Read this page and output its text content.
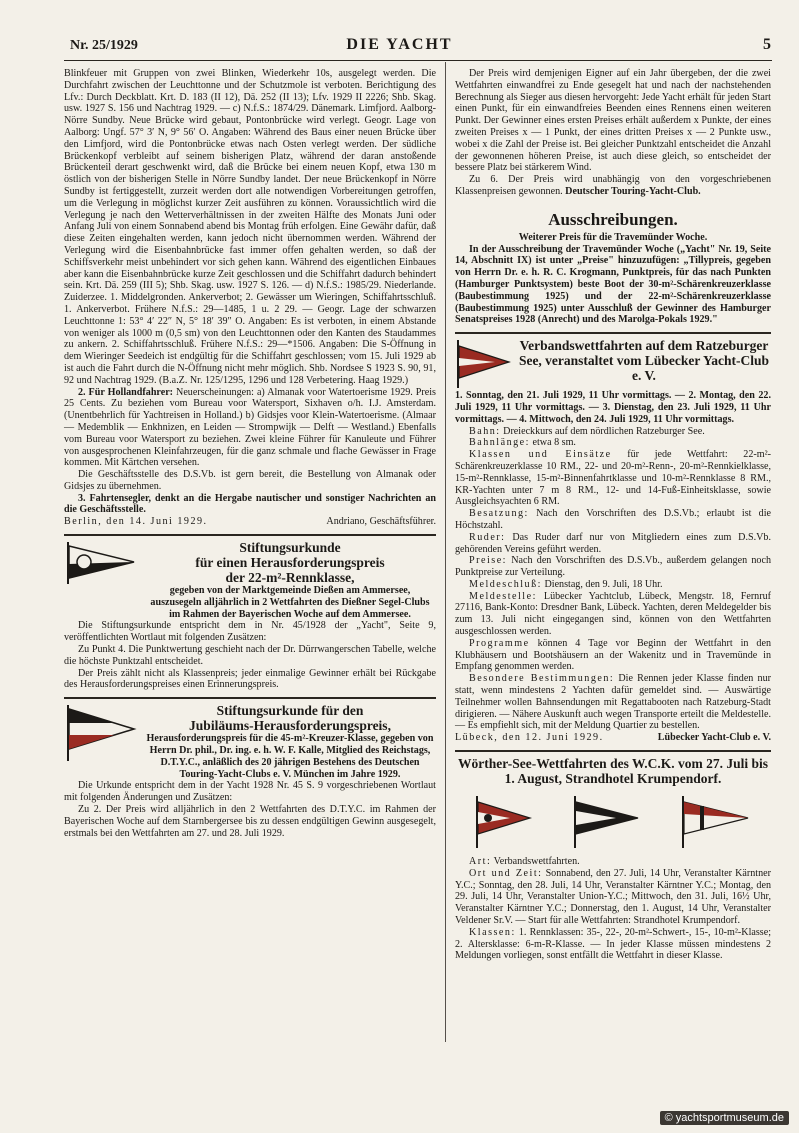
Nr. 25/1929	DIE YACHT	5

Blinkfeuer mit Gruppen von zwei Blinken, Wiederkehr 10s, ausgelegt werden. Die Durchfahrt zwischen der Leuchttonne und der Schutzmole ist verboten. Berichtigung des Lfv.: Durch Deckblatt. Krt. D. 183 (II 12), Dä. 252 (II 13); Lfv. 1929 II 2226; Shb. Skag. usw. 1927 S. 156 und Nachtrag 1929. — c) N.f.S.: 1874/29. Dänemark. Limfjord. Aalborg-Nörre Sundby. Neue Brücke wird gebaut, Pontonbrücke wird verlegt. Geogr. Lage von Aalborg: Ungf. 57° 3′ N, 9° 56′ O. Angaben: Während des Baus einer neuen Brücke über den Limfjord, wird die Pontonbrücke etwas nach Osten verlegt werden. Der südliche Brückenkopf verbleibt auf seinem bisherigen Platz, während der daran anstoßende Brückenteil derart geschwenkt wird, daß die Brücke bei einem neuen Kopf, etwa 130 m östlich von der bisherigen Stelle in Nörre Sundby landet. Der neue Brückenkopf in Nörre Sundby ist fertiggestellt, zurzeit werden dort alle notwendigen Vorbereitungen getroffen, um die Verlegung in möglichst kurzer Zeit ausführen zu können. Voraussichtlich wird die Verlegung je nach den Wetterverhältnissen in der zweiten Hälfte des Monats Juni oder Anfang Juli von einem Sonnabend abend bis Montag früh erfolgen. Eine Gewähr dafür, daß diese Zeiten eingehalten werden, kann jedoch nicht übernommen werden. Während der Verlegung wird die Eisenbahnbrücke fast immer offen gehalten werden, so daß der Schiffsverkehr meist unbehindert vor sich gehen kann. Während des eigentlichen Einbaues aber kann die Eisenbahnbrücke kurze Zeit geschlossen und die Schiffahrt dadurch behindert sein. Krt. Dä. 259 (III 5); Shb. Skag. usw. 1927 S. 126. — d) N.f.S.: 1985/29. Niederlande. Zuiderzee. 1. Middelgronden. Ankerverbot; 2. Gewässer um Wieringen, Schiffahrtsschluß. 1. Ankerverbot. Frühere N.f.S.: 29—1485, 1 u. 2 29. — Geogr. Lage der schwarzen Leuchttonne 1: 53° 4′ 22″ N, 5° 18′ 39″ O. Angaben: Es ist verboten, in einem Abstande von weniger als 1000 m (0,5 sm) von den Leuchttonnen oder den Kanten des Staudammes zu ankern. 2. Schiffahrtsschluß. Frühere N.f.S.: 29—*1506. Angaben: Die S-Öffnung in dem Wieringer Seedeich ist endgültig für die Schiffahrt geschlossen; vom 15. Juli 1929 ab ist auch die Fahrt durch die N-Öffnung nicht mehr möglich. Shb. Nordsee S 1923 S. 90, 91, 92 und Nachtrag 1929. (B.a.Z. Nr. 125/1295, 1296 und 128 Verbetering. Haag 1929.)

2. Für Hollandfahrer: Neuerscheinungen: a) Almanak voor Watertoerisme 1929. Preis 25 Cents. Zu beziehen vom Bureau voor Watersport, Sixhaven o/h. I.J. Amsterdam. (Unentbehrlich für Yachtreisen in Holland.) b) Gidsjes voor Klein-Watertoerisme. (Almaar — Medemblik — Enkhnizen, en Leiden — Strompwijk — Delft — Westland.) Ebenfalls vom Bureau voor Watersport zu beziehen. Zwei kleine Führer für Kanuleute und Führer von ausgesprochenen Kleinfahrzeugen, für die ganz schmale und flache Gewässer in Frage kommen. Mit Kärtchen versehen.

Die Geschäftsstelle des D.S.Vb. ist gern bereit, die Bestellung von Almanak oder Gidsjes zu übernehmen.

3. Fahrtensegler, denkt an die Hergabe nautischer und sonstiger Nachrichten an die Geschäftsstelle.

Berlin, den 14. Juni 1929.	Andriano, Geschäftsführer.
Stiftungsurkunde
für einen Herausforderungspreis
der 22-m²-Rennklasse,
gegeben von der Marktgemeinde Dießen am Ammersee, auszusegeln alljährlich in 2 Wettfahrten des Dießner Segel-Clubs im Rahmen der Bayerischen Woche auf dem Ammersee.

Die Stiftungsurkunde entspricht dem in Nr. 45/1928 der „Yacht", Seite 9, veröffentlichten Wortlaut mit folgenden Zusätzen:

Zu Punkt 4. Die Punktwertung geschieht nach der Dr. Dürrwangerschen Tabelle, welche die höchste Punktzahl entscheidet.

Der Preis zählt nicht als Klassenpreis; jeder einmalige Gewinner erhält bei Rückgabe des Herausforderungspreises einen Erinnerungspreis.

Stiftungsurkunde für den
Jubiläums-Herausforderungspreis,
Herausforderungspreis für die 45-m²-Kreuzer-Klasse, gegeben von Herrn Dr. phil., Dr. ing. e. h. W. F. Kalle, Mitglied des Reichstags, D.T.Y.C., anläßlich des 20 jährigen Bestehens des Deutschen Touring-Yacht-Clubs e. V. München im Jahre 1929.

Die Urkunde entspricht dem in der Yacht 1928 Nr. 45 S. 9 vorgeschriebenen Wortlaut mit folgenden Änderungen und Zusätzen:

Zu 2. Der Preis wird alljährlich in den 2 Wettfahrten des D.T.Y.C. im Rahmen der Bayerischen Woche auf dem Starnbergersee bis zu dessen endgültigen Gewinn ausgesegelt, erstmals bei den Wettfahrten am 27. und 28. Juli 1929.

Der Preis wird demjenigen Eigner auf ein Jahr übergeben, der die zwei Wettfahrten einwandfrei zu Ende gesegelt hat und nach der nachstehenden Berechnung als Sieger aus diesen hervorgeht: Jede Yacht erhält für jeden Start einen Punkt, für ein einwandfreies Beenden eines Rennens einen weiteren Punkt. Der Gewinner eines ersten Preises erhält außerdem x Punkte, der eines zweiten Preises x — 1 Punkt, der eines dritten Preises x — 2 Punkte usw., wobei x die Zahl der Preise ist. Bei gleicher Punktzahl entscheidet die Anzahl der gewonnenen höheren Preise, ist auch diese gleich, so entscheidet der bessere Platz bei stärkerem Wind.

Zu 6. Der Preis wird unabhängig von den vorgeschriebenen Klassenpreisen gewonnen. Deutscher Touring-Yacht-Club.

Ausschreibungen.
Weiterer Preis für die Travemünder Woche.

In der Ausschreibung der Travemünder Woche („Yacht" Nr. 19, Seite 14, Abschnitt IX) ist unter „Preise" hinzuzufügen: „Tillypreis, gegeben von Herrn Dr. e. h. R. C. Krogmann, Punktpreis, für das nach Punkten (Hamburger Punktsystem) beste Boot der 30-m²-Schärenkreuzerklasse (Baubestimmung 1925) und der 22-m²-Schärenkreuzerklasse (Baubestimmung 1925) unter Ausschluß der Gewinner des Hamburger Senatspreises 1928 (Anrecht) und des Marolga-Pokals 1929."

Verbandswettfahrten auf dem Ratzeburger See, veranstaltet vom Lübecker Yacht-Club e. V.

1. Sonntag, den 21. Juli 1929, 11 Uhr vormittags. — 2. Montag, den 22. Juli 1929, 11 Uhr vormittags. — 3. Dienstag, den 23. Juli 1929, 11 Uhr vormittags. — 4. Mittwoch, den 24. Juli 1929, 11 Uhr vormittags.

Bahn: Dreieckkurs auf dem nördlichen Ratzeburger See.

Bahnlänge: etwa 8 sm.

Klassen und Einsätze für jede Wettfahrt: 22-m²-Schärenkreuzerklasse 10 RM., 22- und 20-m²-Renn-, 20-m²-Rennkielklasse, 15-m²-Rennklasse, 15-m²-Binnenfahrtklasse und 10-m²-Rennklasse 8 RM., KR-Yachten unter 7 m 8 RM., 12- und 14-Fuß-Einheitsklasse, sowie Ausgleichsyachten 6 RM.

Besatzung: Nach den Vorschriften des D.S.Vb.; erlaubt ist die Höchstzahl.

Ruder: Das Ruder darf nur von Mitgliedern eines zum D.S.Vb. gehörenden Vereins geführt werden.

Preise: Nach den Vorschriften des D.S.Vb., außerdem gelangen noch Punktpreise zur Verteilung.

Meldeschluß: Dienstag, den 9. Juli, 18 Uhr.

Meldestelle: Lübecker Yachtclub, Lübeck, Mengstr. 18, Fernruf 27116, Bank-Konto: Dresdner Bank, Lübeck. Yachten, deren Meldegelder bis zum 13. Juli nicht eingegangen sind, können von den Wettfahrten ausgeschlossen werden.

Programme können 4 Tage vor Beginn der Wettfahrt in den Klubhäusern und Bootshäusern an der Wakenitz und in Travemünde in Empfang genommen werden.

Besondere Bestimmungen: Die Rennen jeder Klasse finden nur statt, wenn mindestens 2 Yachten dafür gemeldet sind. — Auswärtige Teilnehmer wollen Bahnsendungen mit Regattabooten nach Ratzeburg-Stadt dirigieren. — Nähere Auskunft auch wegen Transporte erteilt die Meldestelle. — Es empfiehlt sich, mit der Meldung Quartier zu bestellen.

Lübeck, den 12. Juni 1929.	Lübecker Yacht-Club e. V.
Wörther-See-Wettfahrten des W.C.K. vom 27. Juli bis 1. August, Strandhotel Krumpendorf.

Art: Verbandswettfahrten.

Ort und Zeit: Sonnabend, den 27. Juli, 14 Uhr, Veranstalter Kärntner Y.C.; Sonntag, den 28. Juli, 14 Uhr, Veranstalter Kärntner Y.C.; Montag, den 29. Juli, 14 Uhr, Veranstalter Union-Y.C.; Mittwoch, den 31. Juli, 16½ Uhr, Veranstalter Kärntner Y.C.; Donnerstag, den 1. August, 14 Uhr, Veranstalter Veldener Sr.V. — Start für alle Wettfahrten: Strandhotel Krumpendorf.

Klassen: 1. Rennklassen: 35-, 22-, 20-m²-Schwert-, 15-, 10-m²-Klasse; 2. Altersklasse: 6-m-R-Klasse. — In jeder Klasse müssen mindestens 2 Meldungen vorliegen, sonst entfällt die Wettfahrt in dieser Klasse.

© yachtsportmuseum.de
